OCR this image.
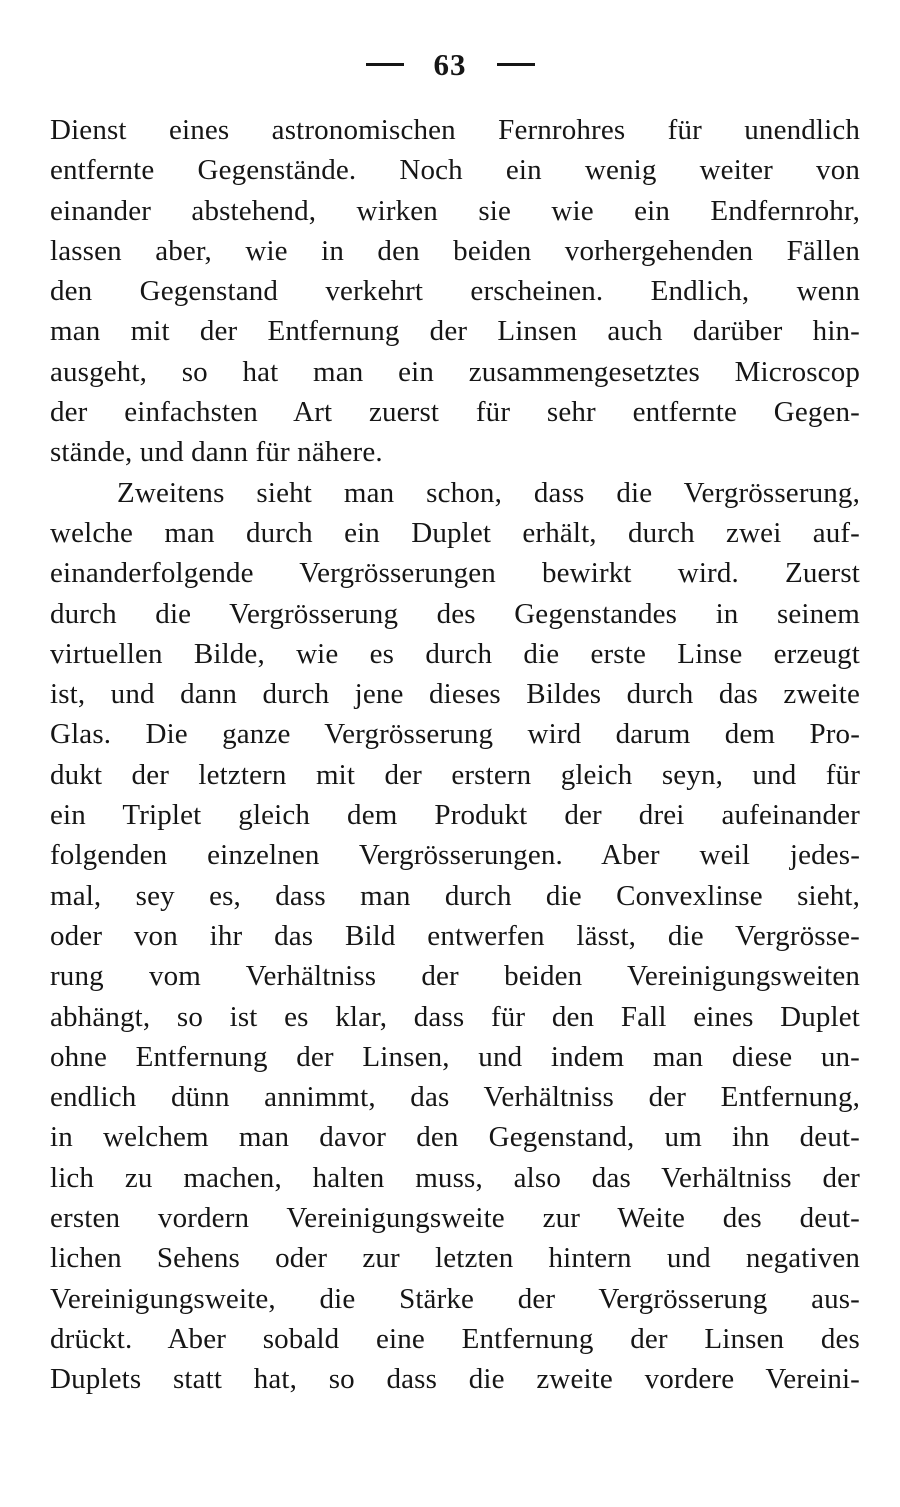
63
Dienst eines astronomischen Fernrohres für unendlich
entfernte Gegenstände. Noch ein wenig weiter von
einander abstehend, wirken sie wie ein Endfernrohr,
lassen aber, wie in den beiden vorhergehenden Fällen
den Gegenstand verkehrt erscheinen. Endlich, wenn
man mit der Entfernung der Linsen auch darüber hin-
ausgeht, so hat man ein zusammengesetztes Microscop
der einfachsten Art zuerst für sehr entfernte Gegen-
stände, und dann für nähere.
Zweitens sieht man schon, dass die Vergrösserung,
welche man durch ein Duplet erhält, durch zwei auf-
einanderfolgende Vergrösserungen bewirkt wird. Zuerst
durch die Vergrösserung des Gegenstandes in seinem
virtuellen Bilde, wie es durch die erste Linse erzeugt
ist, und dann durch jene dieses Bildes durch das zweite
Glas. Die ganze Vergrösserung wird darum dem Pro-
dukt der letztern mit der erstern gleich seyn, und für
ein Triplet gleich dem Produkt der drei aufeinander
folgenden einzelnen Vergrösserungen. Aber weil jedes-
mal, sey es, dass man durch die Convexlinse sieht,
oder von ihr das Bild entwerfen lässt, die Vergrösse-
rung vom Verhältniss der beiden Vereinigungsweiten
abhängt, so ist es klar, dass für den Fall eines Duplet
ohne Entfernung der Linsen, und indem man diese un-
endlich dünn annimmt, das Verhältniss der Entfernung,
in welchem man davor den Gegenstand, um ihn deut-
lich zu machen, halten muss, also das Verhältniss der
ersten vordern Vereinigungsweite zur Weite des deut-
lichen Sehens oder zur letzten hintern und negativen
Vereinigungsweite, die Stärke der Vergrösserung aus-
drückt. Aber sobald eine Entfernung der Linsen des
Duplets statt hat, so dass die zweite vordere Vereini-
